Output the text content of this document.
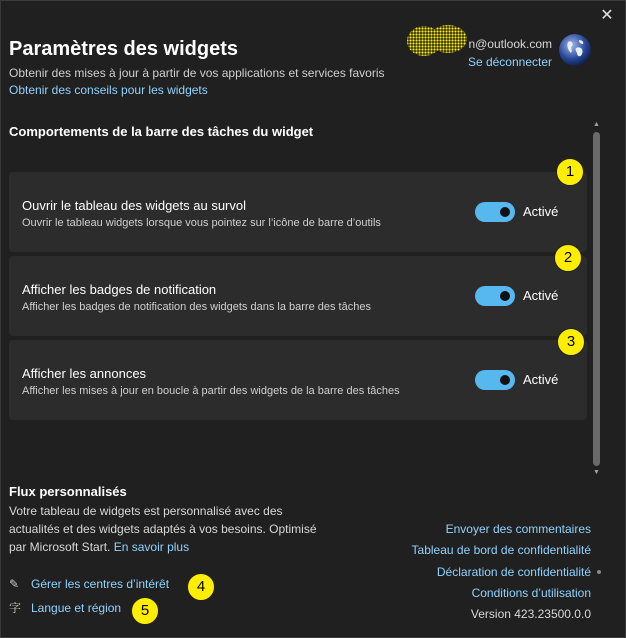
✕
Paramètres des widgets
Obtenir des mises à jour à partir de vos applications et services favoris
Obtenir des conseils pour les widgets
n@outlook.com
Se déconnecter
Comportements de la barre des tâches du widget
Ouvrir le tableau des widgets au survol
Ouvrir le tableau widgets lorsque vous pointez sur l’icône de barre d’outils
Activé
Afficher les badges de notification
Afficher les badges de notification des widgets dans la barre des tâches
Activé
Afficher les annonces
Afficher les mises à jour en boucle à partir des widgets de la barre des tâches
Activé
1
2
3
4
5
▲
▼
Flux personnalisés
Votre tableau de widgets est personnalisé avec des actualités et des widgets adaptés à vos besoins. Optimisé par Microsoft Start. En savoir plus
✎ Gérer les centres d’intérêt
字 Langue et région
Envoyer des commentaires
Tableau de bord de confidentialité
Déclaration de confidentialité
Conditions d’utilisation
Version 423.23500.0.0
